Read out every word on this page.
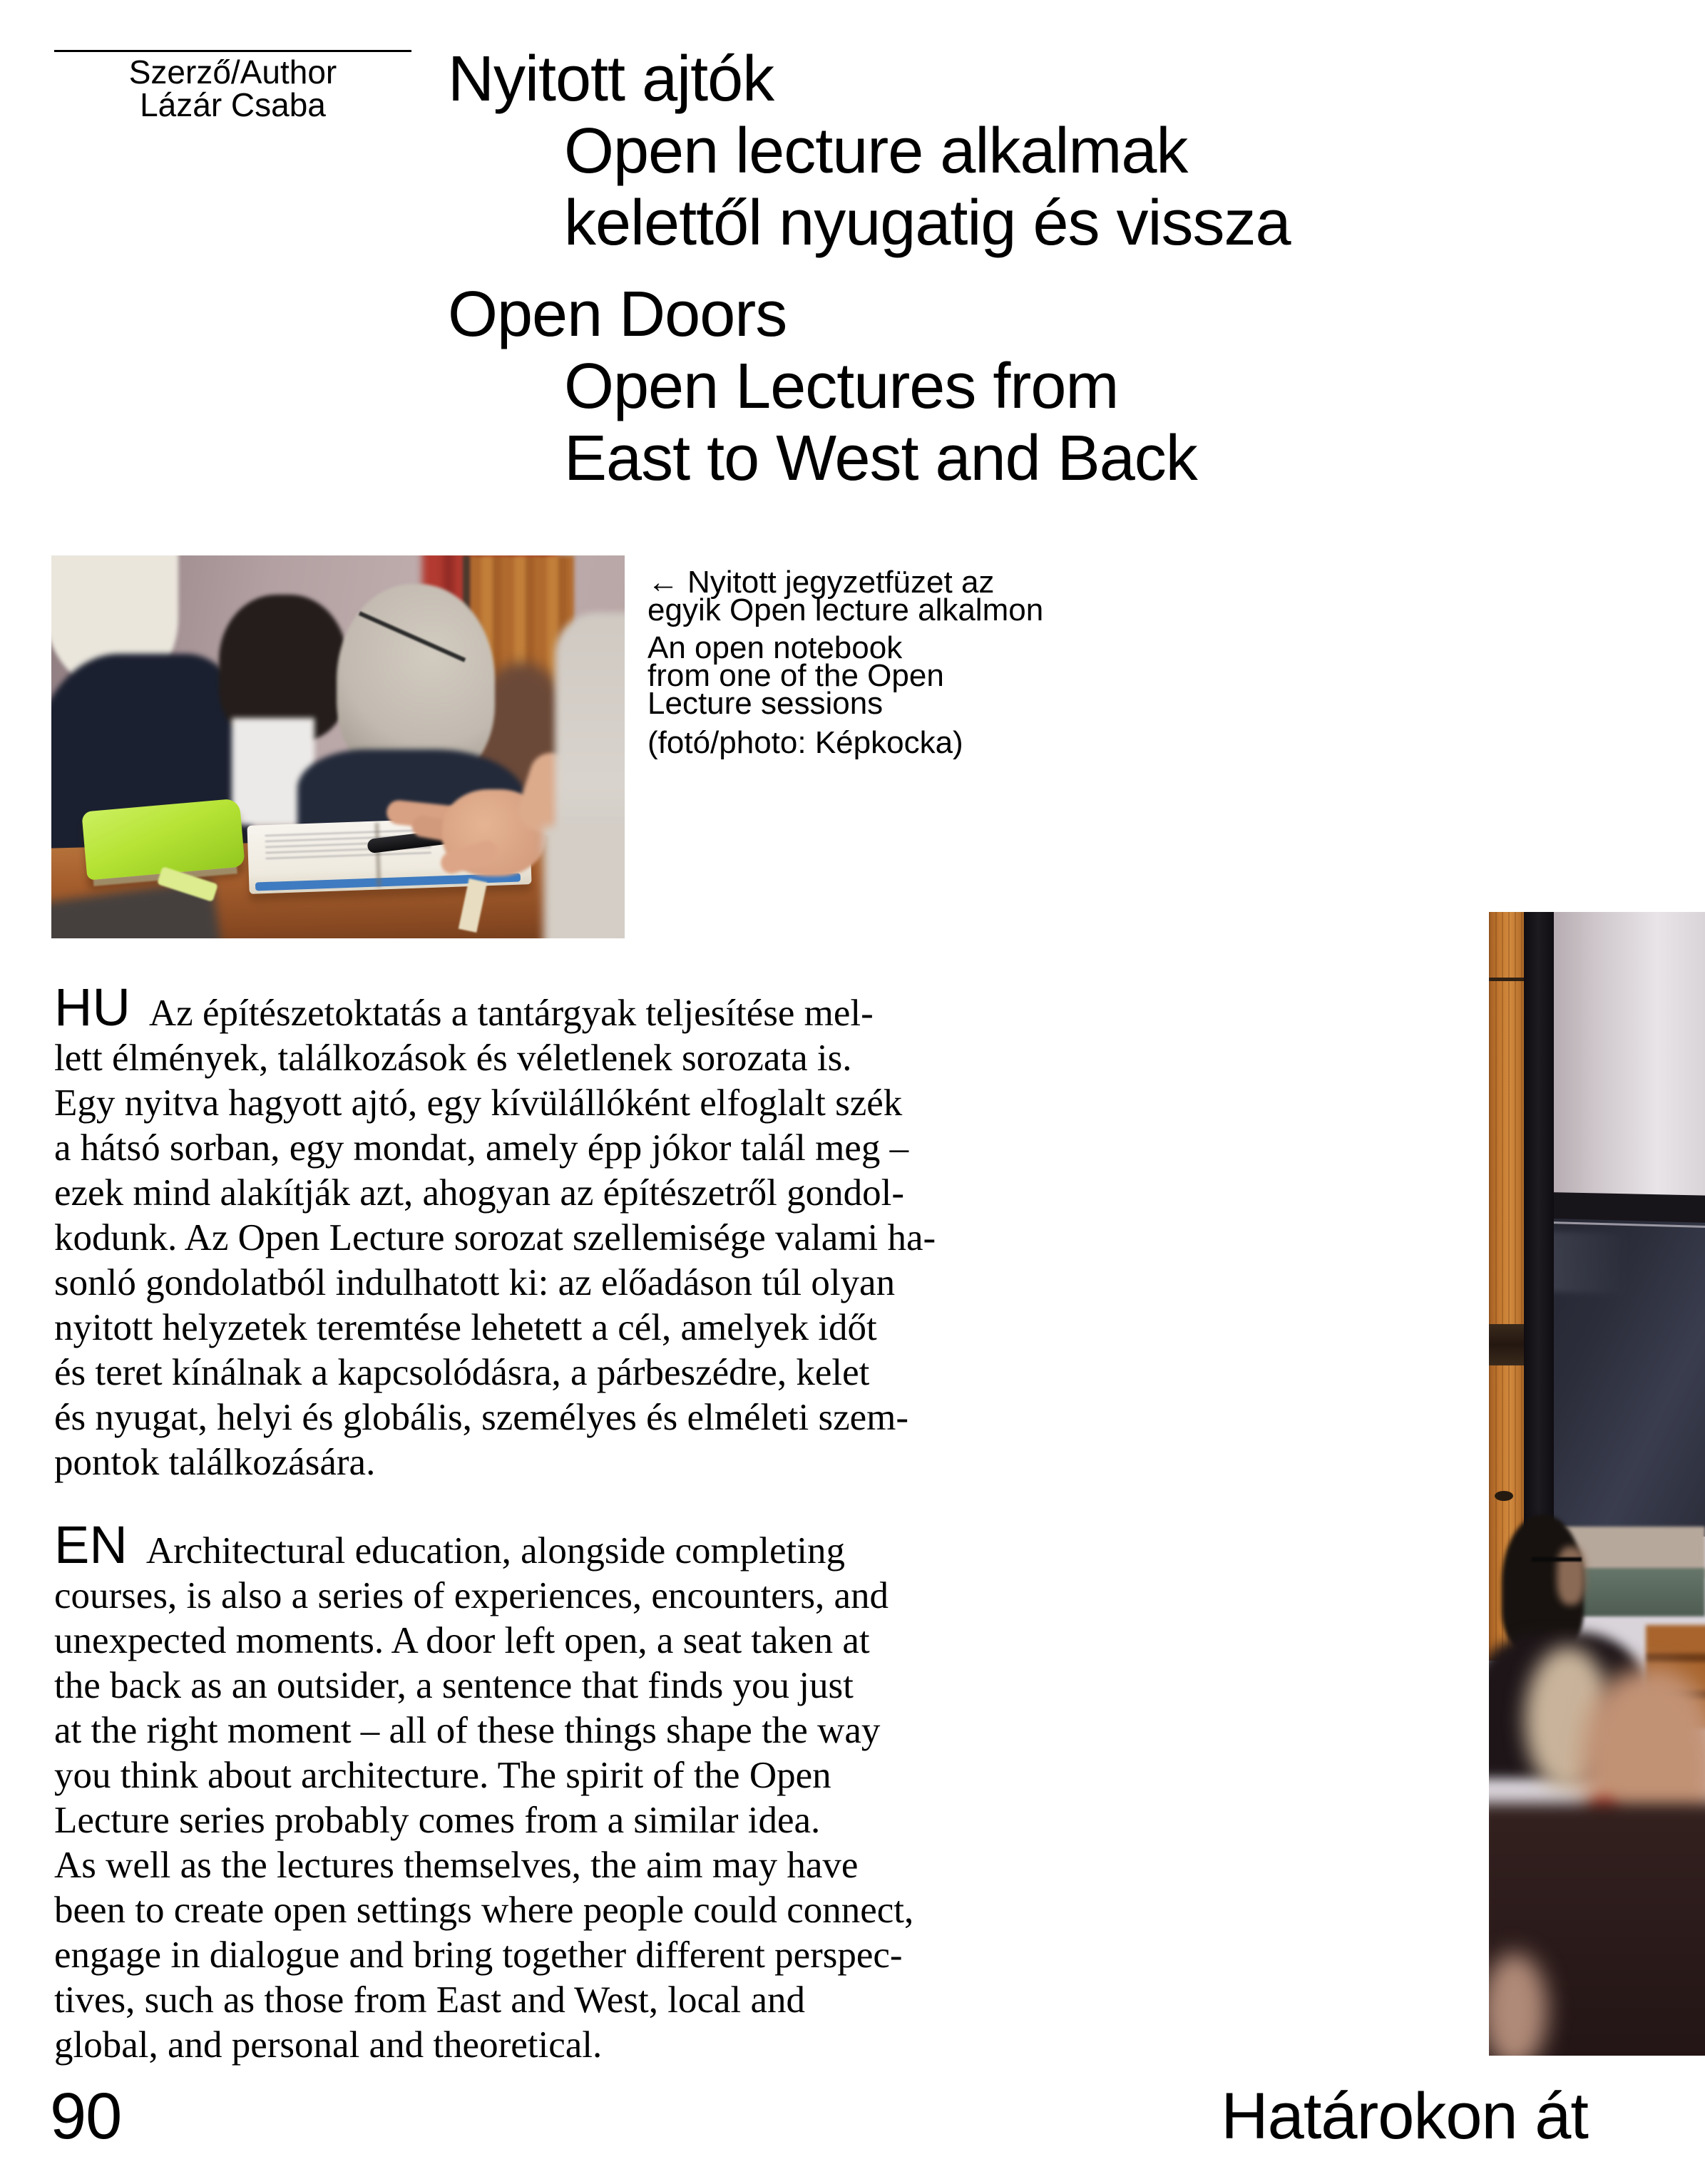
Szerző/Author
Lázár Csaba	Nyitott ajtók
Open lecture alkalmak
kelettől nyugatig és vissza
Open Doors
Open Lectures from
East to West and Back
← Nyitott jegyzetfüzet az
egyik Open lecture alkalmon
An open notebook
from one of the Open
Lecture sessions
(fotó/photo: Képkocka)
HU Az építészetoktatás a tantárgyak teljesítése mel-
lett élmények, találkozások és véletlenek sorozata is.
Egy nyitva hagyott ajtó, egy kívülállóként elfoglalt szék
a hátsó sorban, egy mondat, amely épp jókor talál meg –
ezek mind alakítják azt, ahogyan az építészetről gondol-
kodunk. Az Open Lecture sorozat szellemisége valami ha-
sonló gondolatból indulhatott ki: az előadáson túl olyan
nyitott helyzetek teremtése lehetett a cél, amelyek időt
és teret kínálnak a kapcsolódásra, a párbeszédre, kelet
és nyugat, helyi és globális, személyes és elméleti szem-
pontok találkozására.
EN Architectural education, alongside completing
courses, is also a series of experiences, encounters, and
unexpected moments. A door left open, a seat taken at
the back as an outsider, a sentence that finds you just
at the right moment – all of these things shape the way
you think about architecture. The spirit of the Open
Lecture series probably comes from a similar idea.
As well as the lectures themselves, the aim may have
been to create open settings where people could connect,
engage in dialogue and bring together different perspec-
tives, such as those from East and West, local and
global, and personal and theoretical.
90	Határokon át
